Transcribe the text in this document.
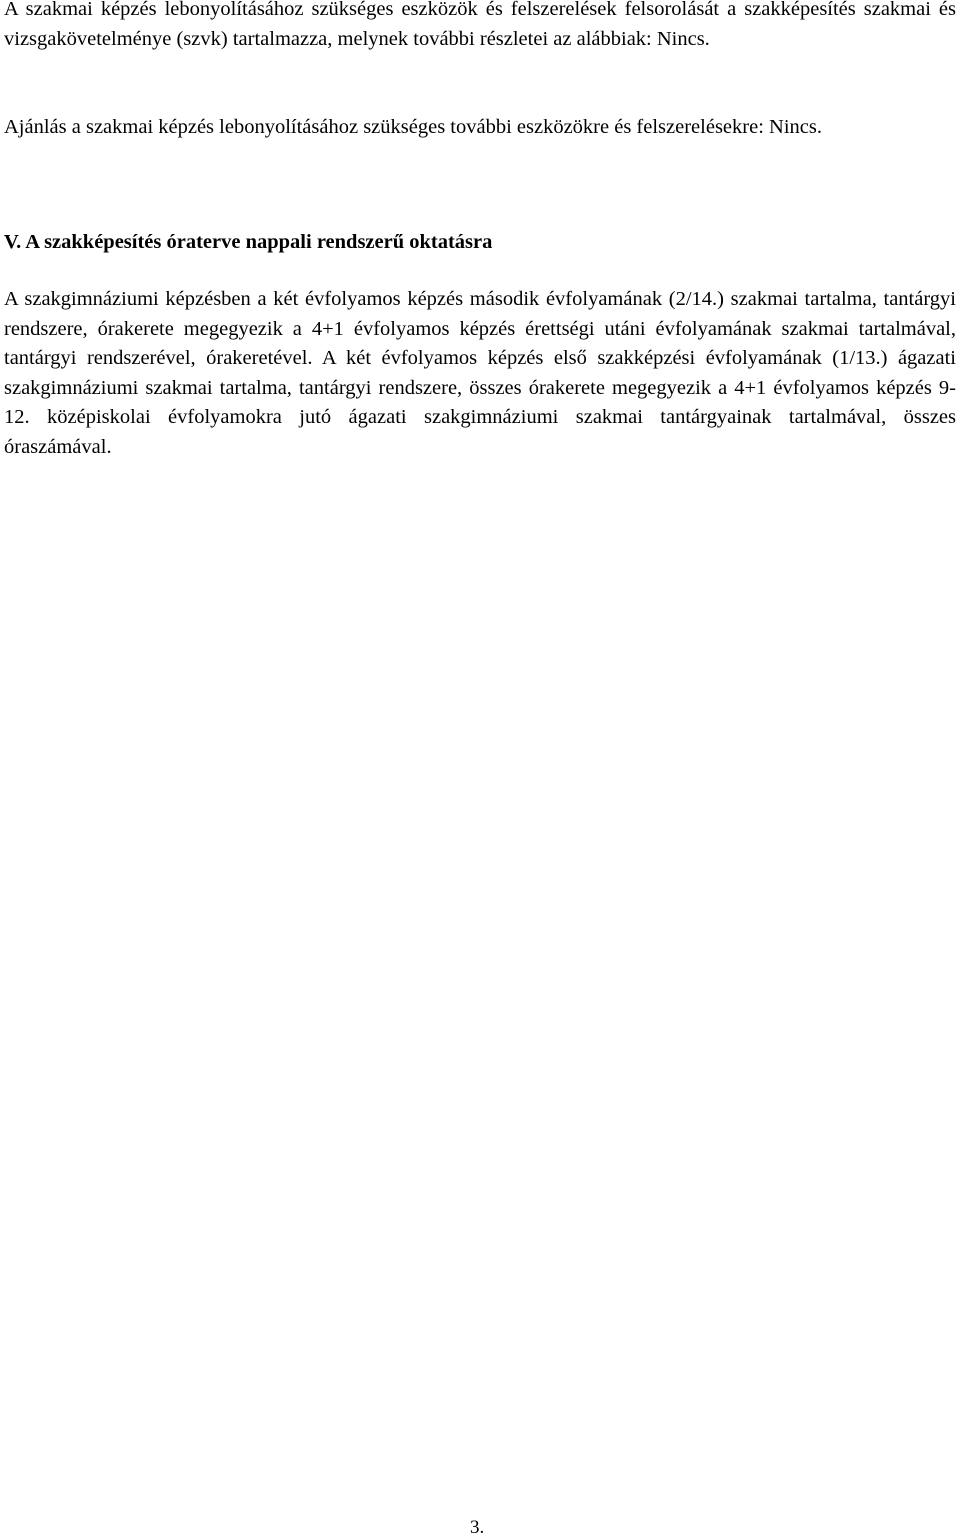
A szakmai képzés lebonyolításához szükséges eszközök és felszerelések felsorolását a szakképesítés szakmai és vizsgakövetelménye (szvk) tartalmazza, melynek további részletei az alábbiak: Nincs.

Ajánlás a szakmai képzés lebonyolításához szükséges további eszközökre és felszerelésekre: Nincs.

V. A szakképesítés óraterve nappali rendszerű oktatásra

A szakgimnáziumi képzésben a két évfolyamos képzés második évfolyamának (2/14.) szakmai tartalma, tantárgyi rendszere, órakerete megegyezik a 4+1 évfolyamos képzés érettségi utáni évfolyamának szakmai tartalmával, tantárgyi rendszerével, órakeretével. A két évfolyamos képzés első szakképzési évfolyamának (1/13.) ágazati szakgimnáziumi szakmai tartalma, tantárgyi rendszere, összes órakerete megegyezik a 4+1 évfolyamos képzés 9-12. középiskolai évfolyamokra jutó ágazati szakgimnáziumi szakmai tantárgyainak tartalmával, összes óraszámával.

3.
